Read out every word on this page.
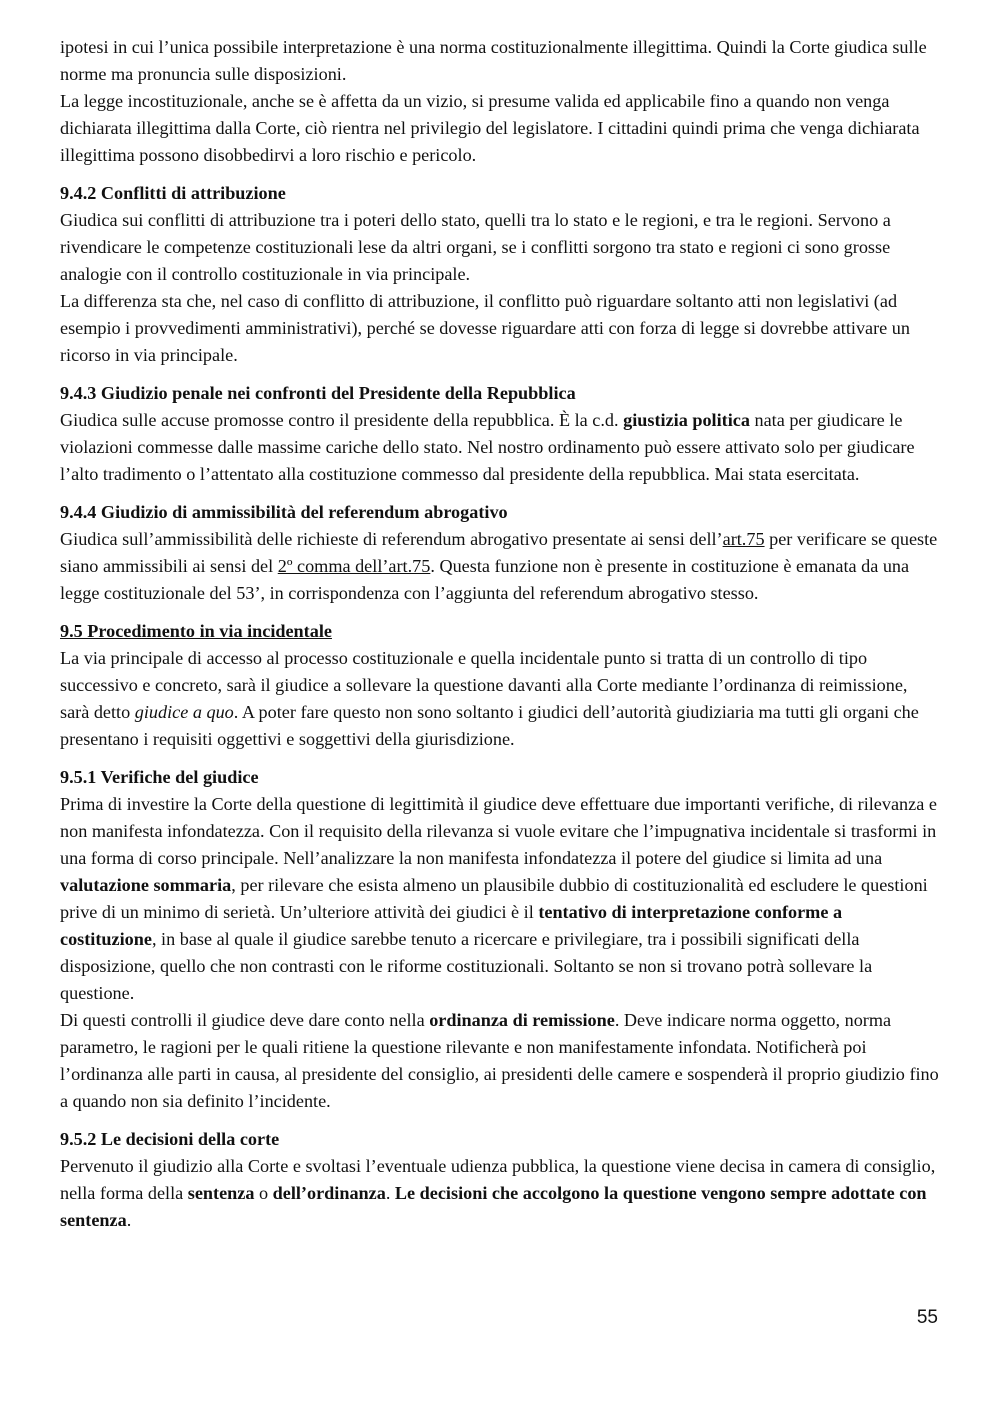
ipotesi in cui l’unica possibile interpretazione è una norma costituzionalmente illegittima. Quindi la Corte giudica sulle norme ma pronuncia sulle disposizioni.

La legge incostituzionale, anche se è affetta da un vizio, si presume valida ed applicabile fino a quando non venga dichiarata illegittima dalla Corte, ciò rientra nel privilegio del legislatore. I cittadini quindi prima che venga dichiarata illegittima possono disobbedirvi a loro rischio e pericolo.

9.4.2 Conflitti di attribuzione

Giudica sui conflitti di attribuzione tra i poteri dello stato, quelli tra lo stato e le regioni, e tra le regioni. Servono a rivendicare le competenze costituzionali lese da altri organi, se i conflitti sorgono tra stato e regioni ci sono grosse analogie con il controllo costituzionale in via principale.

La differenza sta che, nel caso di conflitto di attribuzione, il conflitto può riguardare soltanto atti non legislativi (ad esempio i provvedimenti amministrativi), perché se dovesse riguardare atti con forza di legge si dovrebbe attivare un ricorso in via principale.

9.4.3 Giudizio penale nei confronti del Presidente della Repubblica

Giudica sulle accuse promosse contro il presidente della repubblica. È la c.d. giustizia politica nata per giudicare le violazioni commesse dalle massime cariche dello stato. Nel nostro ordinamento può essere attivato solo per giudicare l’alto tradimento o l’attentato alla costituzione commesso dal presidente della repubblica. Mai stata esercitata.

9.4.4 Giudizio di ammissibilità del referendum abrogativo

Giudica sull’ammissibilità delle richieste di referendum abrogativo presentate ai sensi dell’art.75 per verificare se queste siano ammissibili ai sensi del 2º comma dell’art.75. Questa funzione non è presente in costituzione è emanata da una legge costituzionale del 53’, in corrispondenza con l’aggiunta del referendum abrogativo stesso.

9.5 Procedimento in via incidentale

La via principale di accesso al processo costituzionale e quella incidentale punto si tratta di un controllo di tipo successivo e concreto, sarà il giudice a sollevare la questione davanti alla Corte mediante l’ordinanza di reimissione, sarà detto giudice a quo. A poter fare questo non sono soltanto i giudici dell’autorità giudiziaria ma tutti gli organi che presentano i requisiti oggettivi e soggettivi della giurisdizione.

9.5.1 Verifiche del giudice

Prima di investire la Corte della questione di legittimità il giudice deve effettuare due importanti verifiche, di rilevanza e non manifesta infondatezza. Con il requisito della rilevanza si vuole evitare che l’impugnativa incidentale si trasformi in una forma di corso principale. Nell’analizzare la non manifesta infondatezza il potere del giudice si limita ad una valutazione sommaria, per rilevare che esista almeno un plausibile dubbio di costituzionalità ed escludere le questioni prive di un minimo di serietà. Un’ulteriore attività dei giudici è il tentativo di interpretazione conforme a costituzione, in base al quale il giudice sarebbe tenuto a ricercare e privilegiare, tra i possibili significati della disposizione, quello che non contrasti con le riforme costituzionali. Soltanto se non si trovano potrà sollevare la questione.

Di questi controlli il giudice deve dare conto nella ordinanza di remissione. Deve indicare norma oggetto, norma parametro, le ragioni per le quali ritiene la questione rilevante e non manifestamente infondata. Notificherà poi l’ordinanza alle parti in causa, al presidente del consiglio, ai presidenti delle camere e sospenderà il proprio giudizio fino a quando non sia definito l’incidente.

9.5.2 Le decisioni della corte

Pervenuto il giudizio alla Corte e svoltasi l’eventuale udienza pubblica, la questione viene decisa in camera di consiglio, nella forma della sentenza o dell’ordinanza. Le decisioni che accolgono la questione vengono sempre adottate con sentenza.

55
